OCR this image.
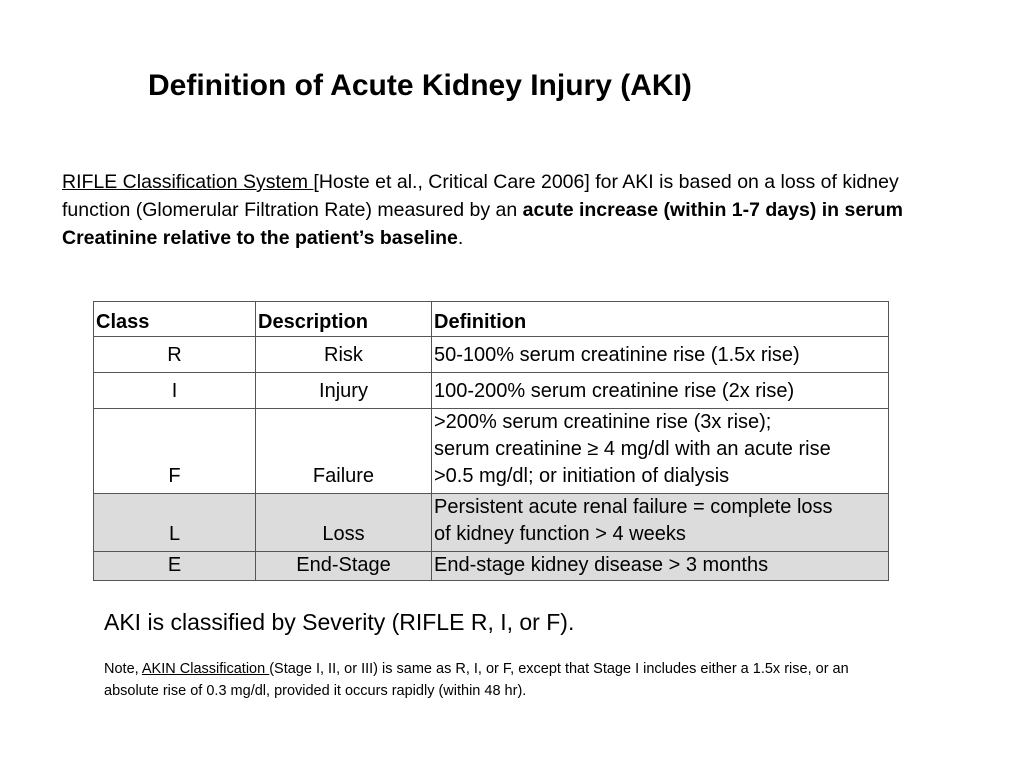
Definition of Acute Kidney Injury (AKI)

RIFLE Classification System [Hoste et al., Critical Care 2006] for AKI is based on a loss of kidney function (Glomerular Filtration Rate) measured by an acute increase (within 1-7 days) in serum Creatinine relative to the patient’s baseline.

Class	Description	Definition
R	Risk	50-100% serum creatinine rise (1.5x rise)
I	Injury	100-200% serum creatinine rise (2x rise)
F	Failure	>200% serum creatinine rise (3x rise);
serum creatinine ≥ 4 mg/dl with an acute rise
>0.5 mg/dl; or initiation of dialysis
L	Loss	Persistent acute renal failure = complete loss
of kidney function > 4 weeks
E	End-Stage	End-stage kidney disease > 3 months

AKI is classified by Severity (RIFLE R, I, or F).

Note, AKIN Classification (Stage I, II, or III) is same as R, I, or F, except that Stage I includes either a 1.5x rise, or an absolute rise of 0.3 mg/dl, provided it occurs rapidly (within 48 hr).
